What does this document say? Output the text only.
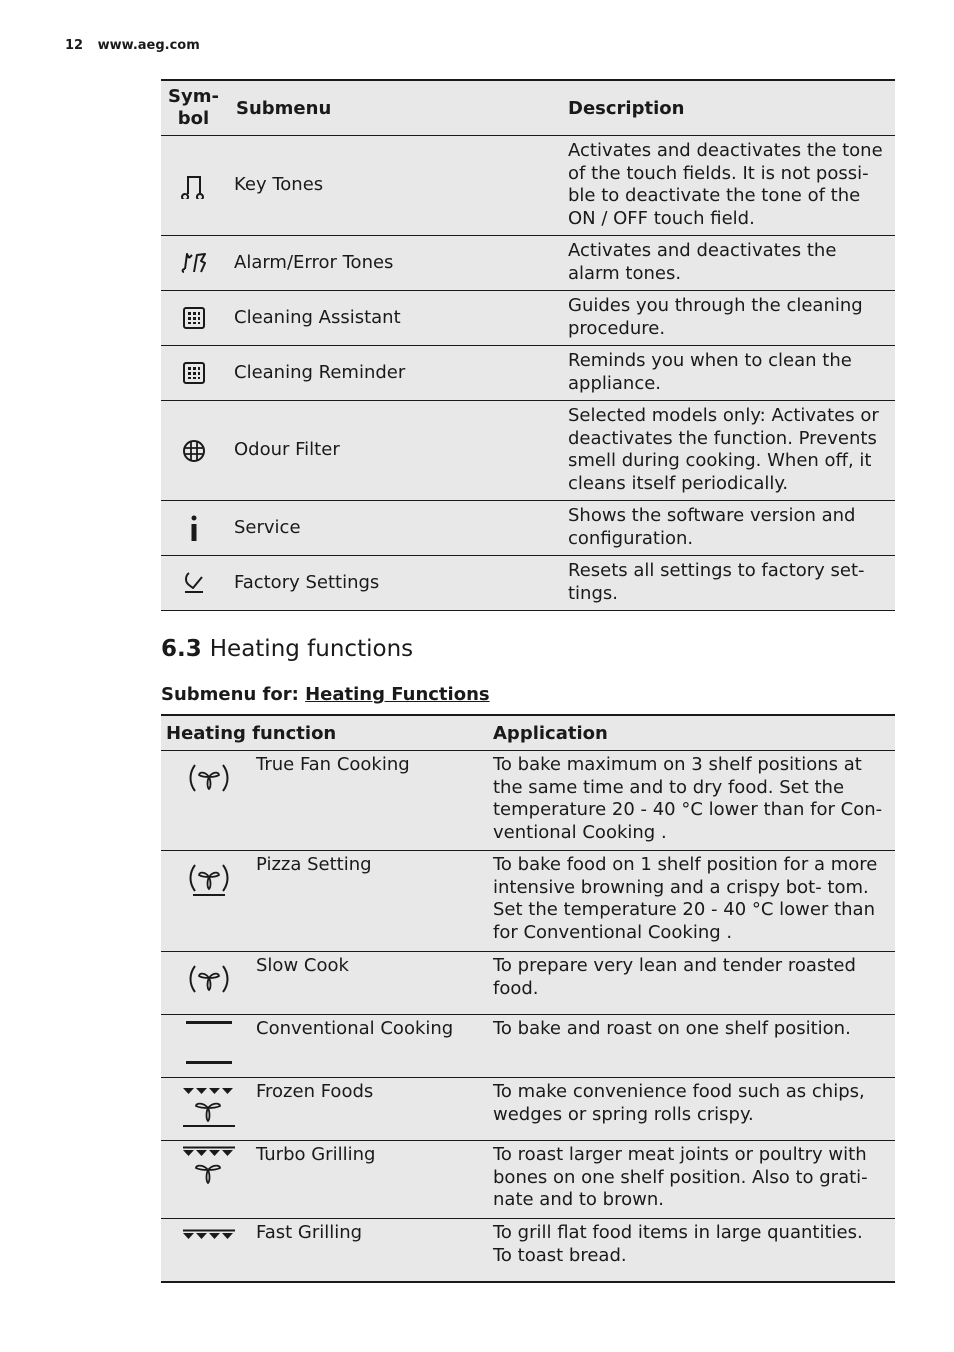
12 www.aeg.com
Sym- bol	Submenu	Description
	Key Tones	Activates and deactivates the tone of the touch fields. It is not possi- ble to deactivate the tone of the ON / OFF touch field.
	Alarm/Error Tones	Activates and deactivates the alarm tones.
	Cleaning Assistant	Guides you through the cleaning procedure.
	Cleaning Reminder	Reminds you when to clean the appliance.
	Odour Filter	Selected models only: Activates or deactivates the function. Prevents smell during cooking. When off, it cleans itself periodically.
	Service	Shows the software version and configuration.
	Factory Settings	Resets all settings to factory set- tings.
6.3 Heating functions
Submenu for: Heating Functions
Heating function		Application
	True Fan Cooking	To bake maximum on 3 shelf positions at the same time and to dry food. Set the temperature 20 - 40 °C lower than for Con- ventional Cooking .
	Pizza Setting	To bake food on 1 shelf position for a more intensive browning and a crispy bot- tom. Set the temperature 20 - 40 °C lower than for Conventional Cooking .
	Slow Cook	To prepare very lean and tender roasted food.
	Conventional Cooking	To bake and roast on one shelf position.
	Frozen Foods	To make convenience food such as chips, wedges or spring rolls crispy.
	Turbo Grilling	To roast larger meat joints or poultry with bones on one shelf position. Also to grati- nate and to brown.
	Fast Grilling	To grill flat food items in large quantities. To toast bread.
